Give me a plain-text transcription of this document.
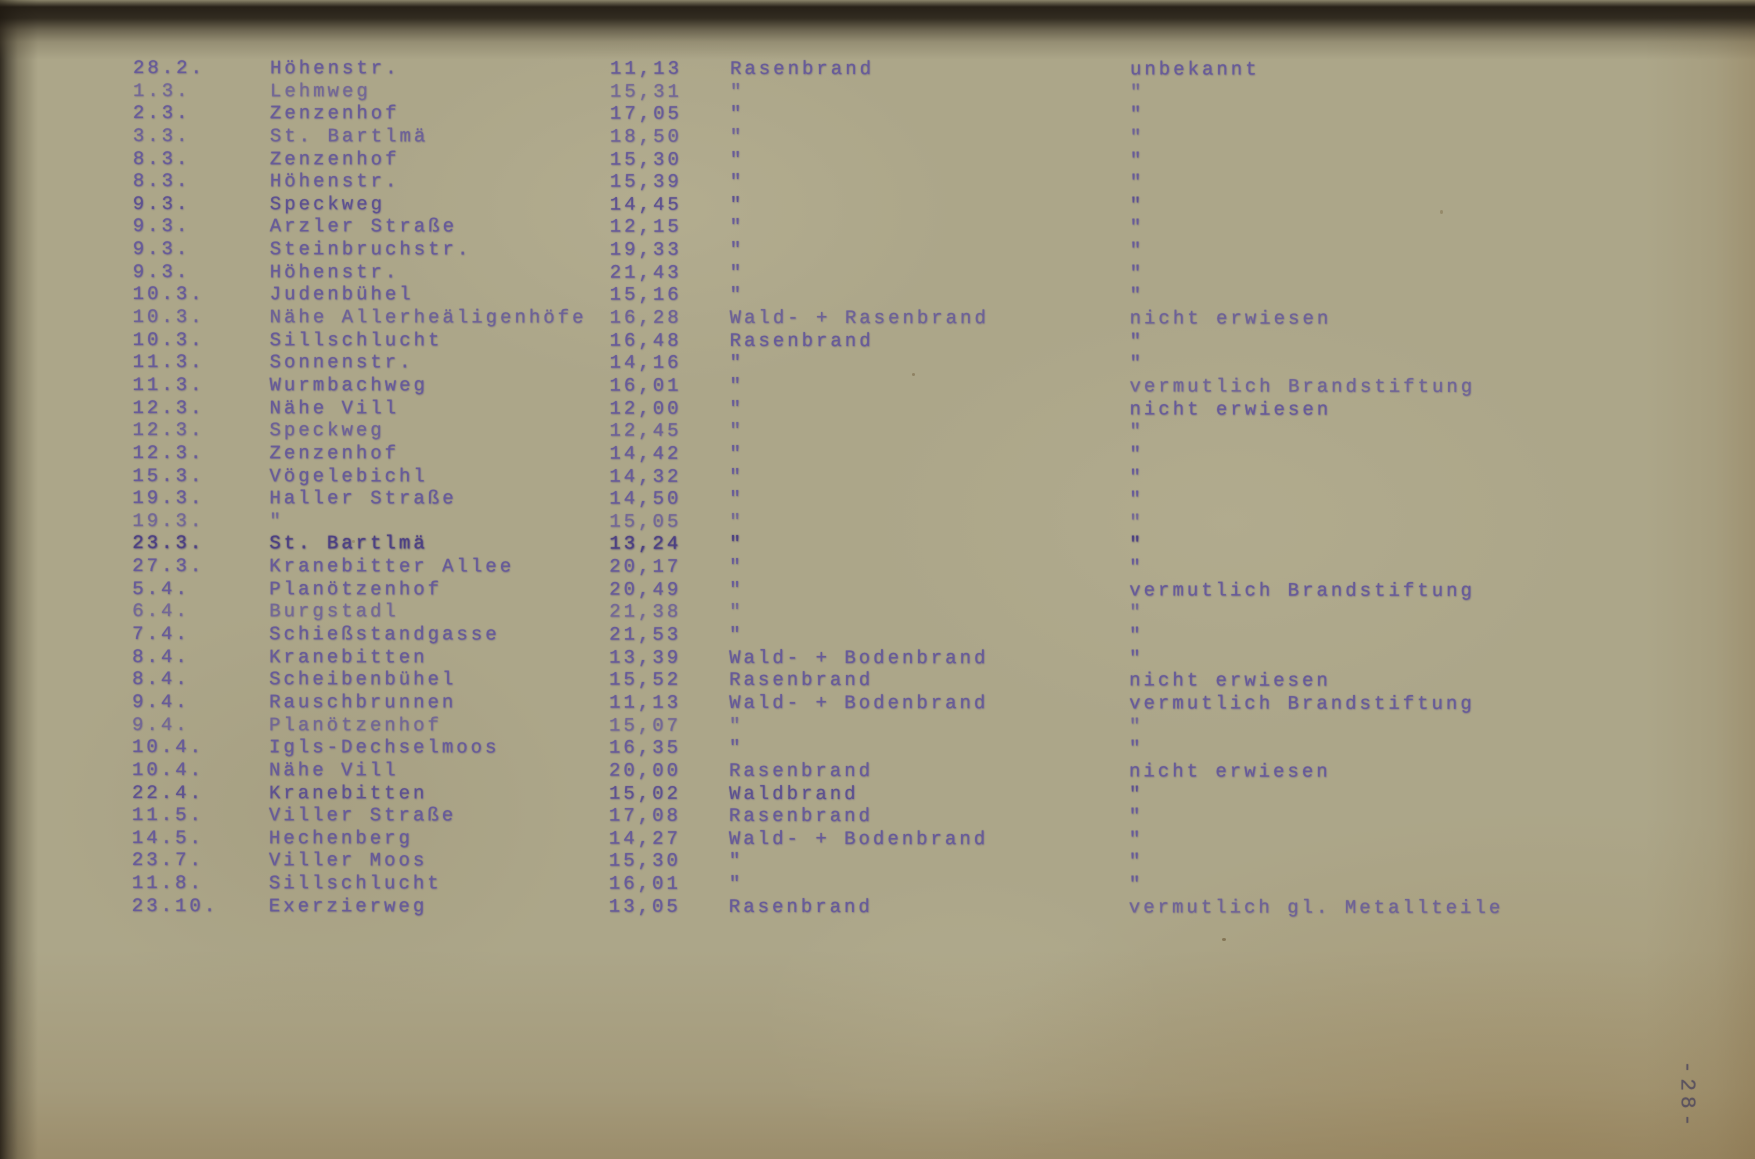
28.2.	Höhenstr.	11,13	Rasenbrand	unbekannt
1.3.	Lehmweg	15,31	"	"
2.3.	Zenzenhof	17,05	"	"
3.3.	St. Bartlmä	18,50	"	"
8.3.	Zenzenhof	15,30	"	"
8.3.	Höhenstr.	15,39	"	"
9.3.	Speckweg	14,45	"	"
9.3.	Arzler Straße	12,15	"	"
9.3.	Steinbruchstr.	19,33	"	"
9.3.	Höhenstr.	21,43	"	"
10.3.	Judenbühel	15,16	"	"
10.3.	Nähe Allerheäligenhöfe	16,28	Wald- + Rasenbrand	nicht erwiesen
10.3.	Sillschlucht	16,48	Rasenbrand	"
11.3.	Sonnenstr.	14,16	"	"
11.3.	Wurmbachweg	16,01	"	vermutlich Brandstiftung
12.3.	Nähe Vill	12,00	"	nicht erwiesen
12.3.	Speckweg	12,45	"	"
12.3.	Zenzenhof	14,42	"	"
15.3.	Vögelebichl	14,32	"	"
19.3.	Haller Straße	14,50	"	"
19.3.	"	15,05	"	"
23.3.	St. Bartlmä	13,24	"	"
27.3.	Kranebitter Allee	20,17	"	"
5.4.	Planötzenhof	20,49	"	vermutlich Brandstiftung
6.4.	Burgstadl	21,38	"	"
7.4.	Schießstandgasse	21,53	"	"
8.4.	Kranebitten	13,39	Wald- + Bodenbrand	"
8.4.	Scheibenbühel	15,52	Rasenbrand	nicht erwiesen
9.4.	Rauschbrunnen	11,13	Wald- + Bodenbrand	vermutlich Brandstiftung
9.4.	Planötzenhof	15,07	"	"
10.4.	Igls-Dechselmoos	16,35	"	"
10.4.	Nähe Vill	20,00	Rasenbrand	nicht erwiesen
22.4.	Kranebitten	15,02	Waldbrand	"
11.5.	Viller Straße	17,08	Rasenbrand	"
14.5.	Hechenberg	14,27	Wald- + Bodenbrand	"
23.7.	Viller Moos	15,30	"	"
11.8.	Sillschlucht	16,01	"	"
23.10.	Exerzierweg	13,05	Rasenbrand	vermutlich gl. Metallteile
-28-
